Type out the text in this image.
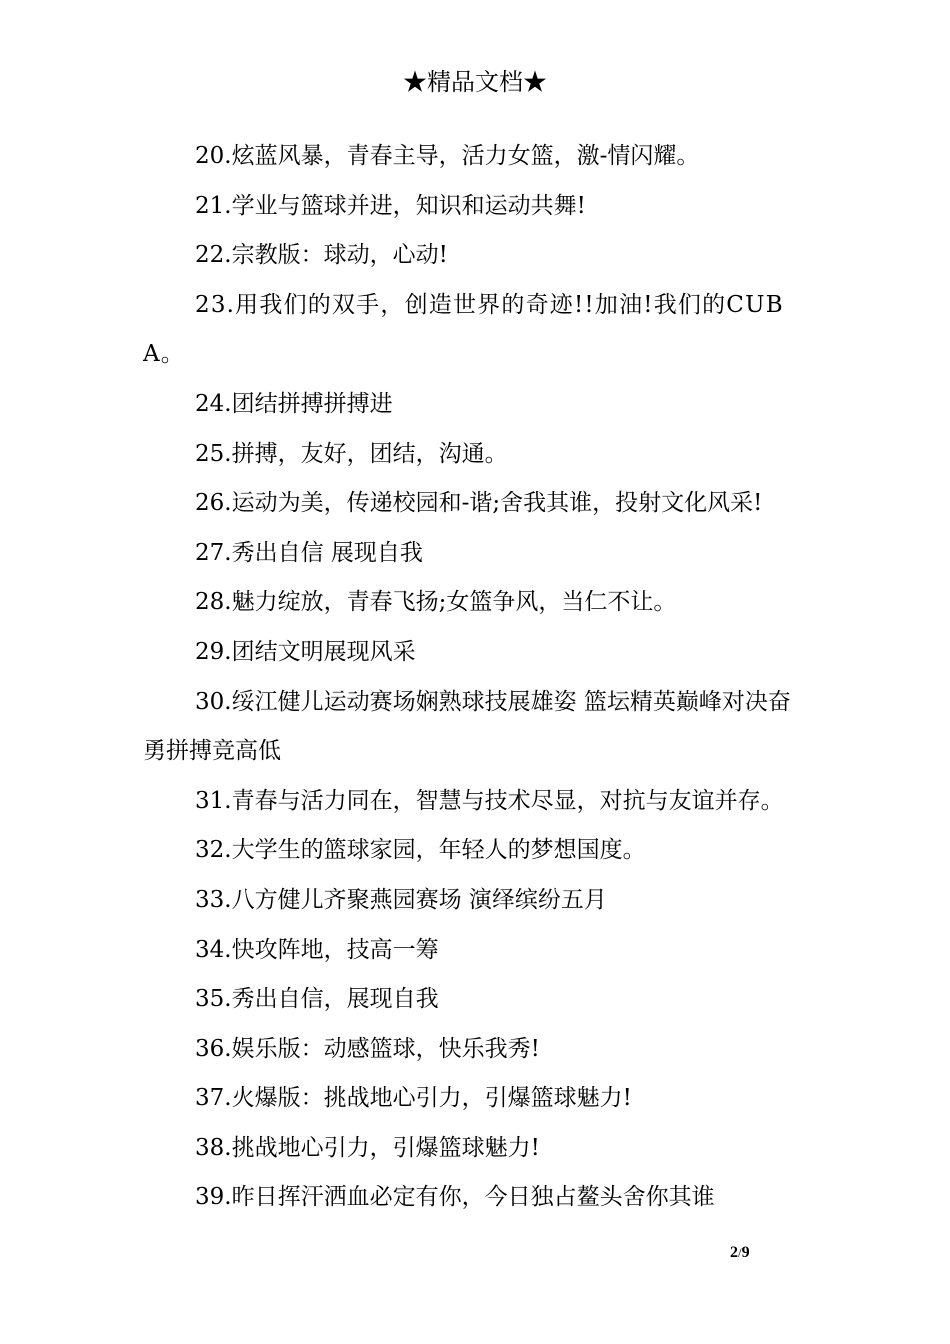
★精品文档★

20.炫蓝风暴，青春主导，活力女篮，激-情闪耀。

21.学业与篮球并进，知识和运动共舞!

22.宗教版：球动，心动!

23.用我们的双手，创造世界的奇迹!!加油!我们的CUBA。

24.团结拼搏拼搏进

25.拼搏，友好，团结，沟通。

26.运动为美，传递校园和-谐;舍我其谁，投射文化风采!

27.秀出自信 展现自我

28.魅力绽放，青春飞扬;女篮争风，当仁不让。

29.团结文明展现风采

30.绥江健儿运动赛场娴熟球技展雄姿 篮坛精英巅峰对决奋勇拼搏竞高低

31.青春与活力同在，智慧与技术尽显，对抗与友谊并存。

32.大学生的篮球家园，年轻人的梦想国度。

33.八方健儿齐聚燕园赛场 演绎缤纷五月

34.快攻阵地，技高一筹

35.秀出自信，展现自我

36.娱乐版：动感篮球，快乐我秀!

37.火爆版：挑战地心引力，引爆篮球魅力!

38.挑战地心引力，引爆篮球魅力!

39.昨日挥汗洒血必定有你，今日独占鳌头舍你其谁

2/9
